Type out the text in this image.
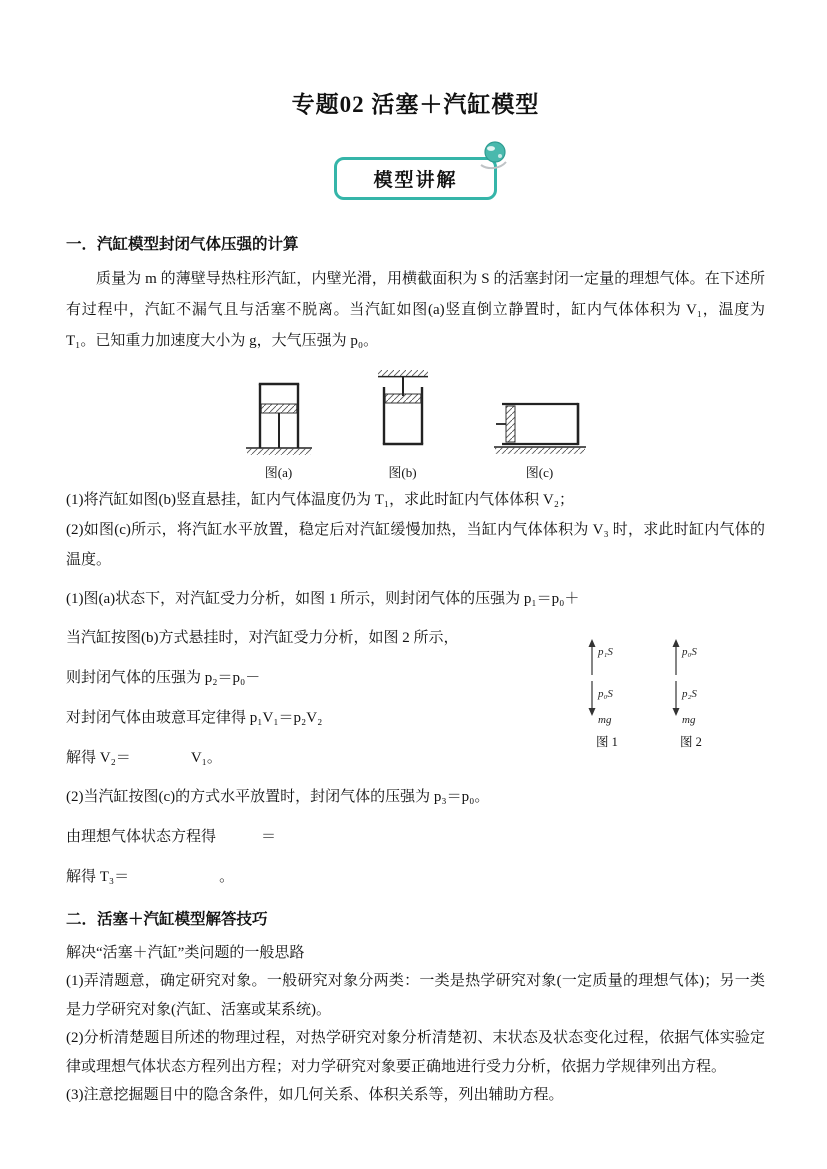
专题02 活塞＋汽缸模型
模型讲解
一．汽缸模型封闭气体压强的计算

质量为 m 的薄壁导热柱形汽缸，内壁光滑，用横截面积为 S 的活塞封闭一定量的理想气体。在下述所有过程中，汽缸不漏气且与活塞不脱离。当汽缸如图(a)竖直倒立静置时，缸内气体体积为 V₁，温度为 T₁。已知重力加速度大小为 g，大气压强为 p₀。

图(a)	图(b)	图(c)

(1)将汽缸如图(b)竖直悬挂，缸内气体温度仍为 T₁，求此时缸内气体体积 V₂；

(2)如图(c)所示，将汽缸水平放置，稳定后对汽缸缓慢加热，当缸内气体体积为 V₃ 时，求此时缸内气体的温度。

(1)图(a)状态下，对汽缸受力分析，如图 1 所示，则封闭气体的压强为 p₁＝p₀＋

当汽缸按图(b)方式悬挂时，对汽缸受力分析，如图 2 所示，

则封闭气体的压强为 p₂＝p₀－

对封闭气体由玻意耳定律得 p₁V₁＝p₂V₂

解得 V₂＝　　　　V₁。

(2)当汽缸按图(c)的方式水平放置时，封闭气体的压强为 p₃＝p₀。

由理想气体状态方程得　　　＝

解得 T₃＝　　　　　　。

p₁S
p₀S
mg
图 1
p₀S
p₂S
mg
图 2
二．活塞＋汽缸模型解答技巧

解决“活塞＋汽缸”类问题的一般思路

(1)弄清题意，确定研究对象。一般研究对象分两类：一类是热学研究对象(一定质量的理想气体)；另一类是力学研究对象(汽缸、活塞或某系统)。

(2)分析清楚题目所述的物理过程，对热学研究对象分析清楚初、末状态及状态变化过程，依据气体实验定律或理想气体状态方程列出方程；对力学研究对象要正确地进行受力分析，依据力学规律列出方程。

(3)注意挖掘题目中的隐含条件，如几何关系、体积关系等，列出辅助方程。
